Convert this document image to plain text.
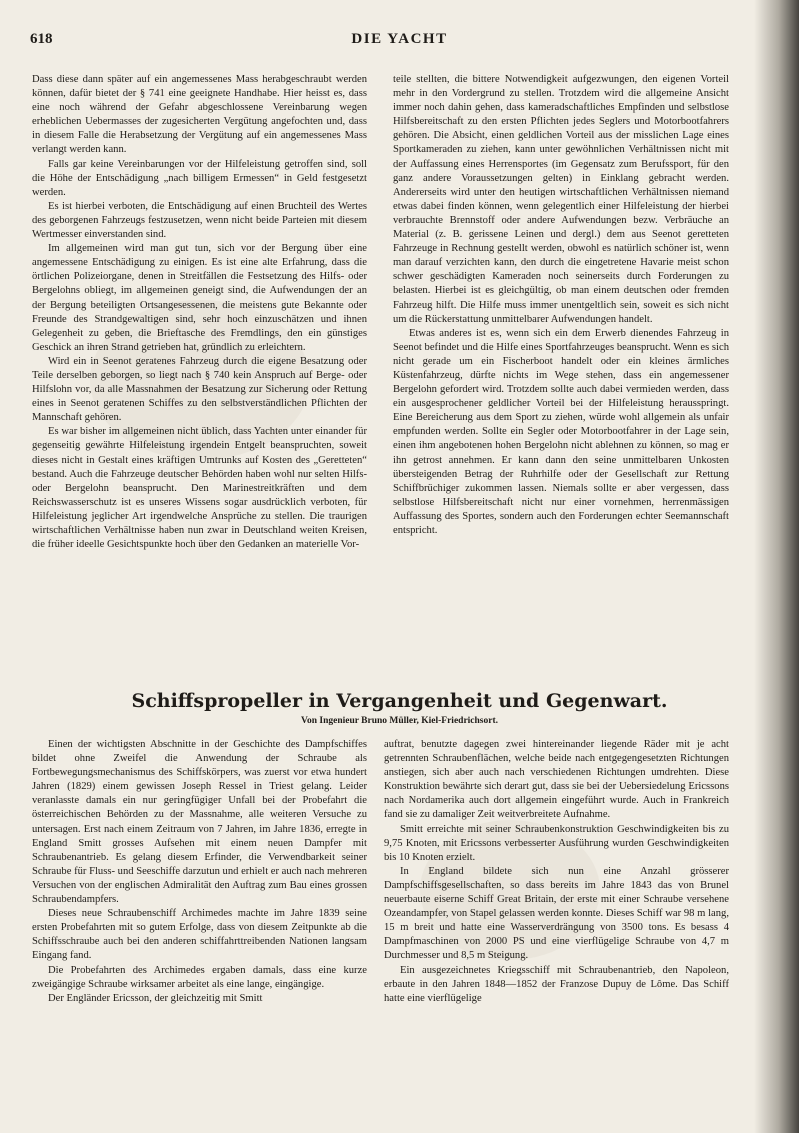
618	DIE YACHT

Dass diese dann später auf ein angemessenes Mass herabgeschraubt werden können, dafür bietet der § 741 eine geeignete Handhabe. Hier heisst es, dass eine noch während der Gefahr abgeschlossene Vereinbarung wegen erheblichen Uebermasses der zugesicherten Vergütung angefochten und, dass in diesem Falle die Herabsetzung der Vergütung auf ein angemessenes Mass verlangt werden kann.

Falls gar keine Vereinbarungen vor der Hilfeleistung getroffen sind, soll die Höhe der Entschädigung „nach billigem Ermessen“ in Geld festgesetzt werden.

Es ist hierbei verboten, die Entschädigung auf einen Bruchteil des Wertes des geborgenen Fahrzeugs festzusetzen, wenn nicht beide Parteien mit diesem Wertmesser einverstanden sind.

Im allgemeinen wird man gut tun, sich vor der Bergung über eine angemessene Entschädigung zu einigen. Es ist eine alte Erfahrung, dass die örtlichen Polizeiorgane, denen in Streitfällen die Festsetzung des Hilfs- oder Bergelohns obliegt, im allgemeinen geneigt sind, die Aufwendungen der an der Bergung beteiligten Ortsangesessenen, die meistens gute Bekannte oder Freunde des Strandgewaltigen sind, sehr hoch einzuschätzen und ihnen Gelegenheit zu geben, die Brieftasche des Fremdlings, den ein günstiges Geschick an ihren Strand getrieben hat, gründlich zu erleichtern.

Wird ein in Seenot geratenes Fahrzeug durch die eigene Besatzung oder Teile derselben geborgen, so liegt nach § 740 kein Anspruch auf Berge- oder Hilfslohn vor, da alle Massnahmen der Besatzung zur Sicherung oder Rettung eines in Seenot geratenen Schiffes zu den selbstverständlichen Pflichten der Mannschaft gehören.

Es war bisher im allgemeinen nicht üblich, dass Yachten unter einander für gegenseitig gewährte Hilfeleistung irgendein Entgelt beanspruchten, soweit dieses nicht in Gestalt eines kräftigen Umtrunks auf Kosten des „Geretteten“ bestand. Auch die Fahrzeuge deutscher Behörden haben wohl nur selten Hilfs- oder Bergelohn beansprucht. Den Marinestreitkräften und dem Reichswasserschutz ist es unseres Wissens sogar ausdrücklich verboten, für Hilfeleistung jeglicher Art irgendwelche Ansprüche zu stellen. Die traurigen wirtschaftlichen Verhältnisse haben nun zwar in Deutschland weiten Kreisen, die früher ideelle Gesichtspunkte hoch über den Gedanken an materielle Vor-

teile stellten, die bittere Notwendigkeit aufgezwungen, den eigenen Vorteil mehr in den Vordergrund zu stellen. Trotzdem wird die allgemeine Ansicht immer noch dahin gehen, dass kameradschaftliches Empfinden und selbstlose Hilfsbereitschaft zu den ersten Pflichten jedes Seglers und Motorbootfahrers gehören. Die Absicht, einen geldlichen Vorteil aus der misslichen Lage eines Sportkameraden zu ziehen, kann unter gewöhnlichen Verhältnissen nicht mit der Auffassung eines Herrensportes (im Gegensatz zum Berufssport, für den ganz andere Voraussetzungen gelten) in Einklang gebracht werden. Andererseits wird unter den heutigen wirtschaftlichen Verhältnissen niemand etwas dabei finden können, wenn gelegentlich einer Hilfeleistung der hierbei verbrauchte Brennstoff oder andere Aufwendungen bezw. Verbräuche an Material (z. B. gerissene Leinen und dergl.) dem aus Seenot geretteten Fahrzeuge in Rechnung gestellt werden, obwohl es natürlich schöner ist, wenn man darauf verzichten kann, den durch die eingetretene Havarie meist schon schwer geschädigten Kameraden noch seinerseits durch Forderungen zu belasten. Hierbei ist es gleichgültig, ob man einem deutschen oder fremden Fahrzeug hilft. Die Hilfe muss immer unentgeltlich sein, soweit es sich nicht um die Rückerstattung unmittelbarer Aufwendungen handelt.

Etwas anderes ist es, wenn sich ein dem Erwerb dienendes Fahrzeug in Seenot befindet und die Hilfe eines Sportfahrzeuges beansprucht. Wenn es sich nicht gerade um ein Fischerboot handelt oder ein kleines ärmliches Küstenfahrzeug, dürfte nichts im Wege stehen, dass ein angemessener Bergelohn gefordert wird. Trotzdem sollte auch dabei vermieden werden, dass ein ausgesprochener geldlicher Vorteil bei der Hilfeleistung herausspringt. Eine Bereicherung aus dem Sport zu ziehen, würde wohl allgemein als unfair empfunden werden. Sollte ein Segler oder Motorbootfahrer in der Lage sein, einen ihm angebotenen hohen Bergelohn nicht ablehnen zu können, so mag er ihn getrost annehmen. Er kann dann den seine unmittelbaren Unkosten übersteigenden Betrag der Ruhrhilfe oder der Gesellschaft zur Rettung Schiffbrüchiger zukommen lassen. Niemals sollte er aber vergessen, dass selbstlose Hilfsbereitschaft nicht nur einer vornehmen, herrenmässigen Auffassung des Sportes, sondern auch den Forderungen echter Seemannschaft entspricht.

Schiffspropeller in Vergangenheit und Gegenwart.
Von Ingenieur Bruno Müller, Kiel-Friedrichsort.

Einen der wichtigsten Abschnitte in der Geschichte des Dampfschiffes bildet ohne Zweifel die Anwendung der Schraube als Fortbewegungsmechanismus des Schiffskörpers, was zuerst vor etwa hundert Jahren (1829) einem gewissen Joseph Ressel in Triest gelang. Leider veranlasste damals ein nur geringfügiger Unfall bei der Probefahrt die österreichischen Behörden zu der Massnahme, alle weiteren Versuche zu untersagen. Erst nach einem Zeitraum von 7 Jahren, im Jahre 1836, erregte in England Smitt grosses Aufsehen mit einem neuen Dampfer mit Schraubenantrieb. Es gelang diesem Erfinder, die Verwendbarkeit seiner Schraube für Fluss- und Seeschiffe darzutun und erhielt er auch nach mehreren Versuchen von der englischen Admiralität den Auftrag zum Bau eines grossen Schraubendampfers.

Dieses neue Schraubenschiff Archimedes machte im Jahre 1839 seine ersten Probefahrten mit so gutem Erfolge, dass von diesem Zeitpunkte ab die Schiffsschraube auch bei den anderen schiffahrttreibenden Nationen langsam Eingang fand.

Die Probefahrten des Archimedes ergaben damals, dass eine kurze zweigängige Schraube wirksamer arbeitet als eine lange, eingängige.

Der Engländer Ericsson, der gleichzeitig mit Smitt

auftrat, benutzte dagegen zwei hintereinander liegende Räder mit je acht getrennten Schraubenflächen, welche beide nach entgegengesetzten Richtungen anstiegen, sich aber auch nach verschiedenen Richtungen umdrehten. Diese Konstruktion bewährte sich derart gut, dass sie bei der Uebersiedelung Ericssons nach Nordamerika auch dort allgemein eingeführt wurde. Auch in Frankreich fand sie zu damaliger Zeit weitverbreitete Aufnahme.

Smitt erreichte mit seiner Schraubenkonstruktion Geschwindigkeiten bis zu 9,75 Knoten, mit Ericssons verbesserter Ausführung wurden Geschwindigkeiten bis 10 Knoten erzielt.

In England bildete sich nun eine Anzahl grösserer Dampfschiffsgesellschaften, so dass bereits im Jahre 1843 das von Brunel neuerbaute eiserne Schiff Great Britain, der erste mit einer Schraube versehene Ozeandampfer, von Stapel gelassen werden konnte. Dieses Schiff war 98 m lang, 15 m breit und hatte eine Wasserverdrängung von 3500 tons. Es besass 4 Dampfmaschinen von 2000 PS und eine vierflügelige Schraube von 4,7 m Durchmesser und 8,5 m Steigung.

Ein ausgezeichnetes Kriegsschiff mit Schraubenantrieb, den Napoleon, erbaute in den Jahren 1848—1852 der Franzose Dupuy de Lôme. Das Schiff hatte eine vierflügelige
